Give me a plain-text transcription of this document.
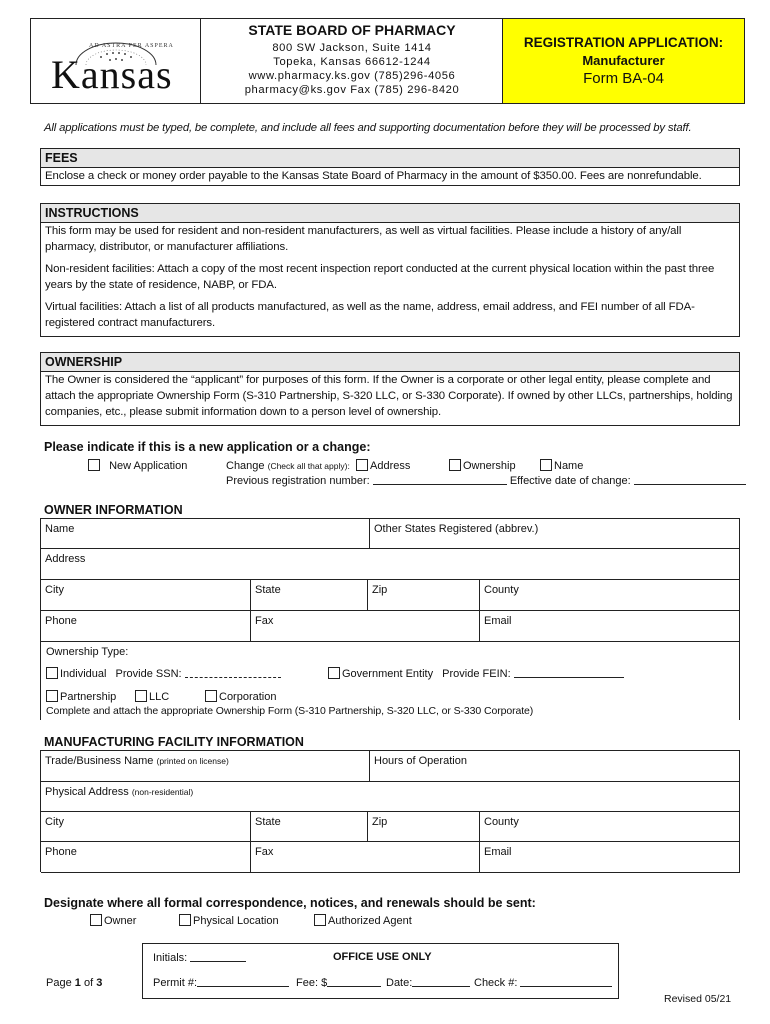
AD ASTRA PER ASPERA
Kansas
STATE BOARD OF PHARMACY
800 SW Jackson, Suite 1414
Topeka, Kansas 66612-1244
www.pharmacy.ks.gov (785)296-4056
pharmacy@ks.gov Fax (785) 296-8420
REGISTRATION APPLICATION:
Manufacturer
Form BA-04
All applications must be typed, be complete, and include all fees and supporting documentation before they will be processed by staff.
FEES
Enclose a check or money order payable to the Kansas State Board of Pharmacy in the amount of $350.00. Fees are nonrefundable.
INSTRUCTIONS
This form may be used for resident and non-resident manufacturers, as well as virtual facilities. Please include a history of any/all pharmacy, distributor, or manufacturer affiliations.
Non-resident facilities: Attach a copy of the most recent inspection report conducted at the current physical location within the past three years by the state of residence, NABP, or FDA.
Virtual facilities: Attach a list of all products manufactured, as well as the name, address, email address, and FEI number of all FDA-registered contract manufacturers.
OWNERSHIP
The Owner is considered the “applicant” for purposes of this form. If the Owner is a corporate or other legal entity, please complete and attach the appropriate Ownership Form (S-310 Partnership, S-320 LLC, or S-330 Corporate). If owned by other LLCs, partnerships, holding companies, etc., please submit information down to a person level of ownership.
Please indicate if this is a new application or a change:
New Application	Change (Check all that apply):	Address	Ownership	Name
Previous registration number:	Effective date of change:
OWNER INFORMATION
Name	Other States Registered (abbrev.)
Address
City	State	Zip	County
Phone	Fax	Email
Ownership Type:
Individual Provide SSN:	Government Entity Provide FEIN:
Partnership	LLC	Corporation
Complete and attach the appropriate Ownership Form (S-310 Partnership, S-320 LLC, or S-330 Corporate)
MANUFACTURING FACILITY INFORMATION
Trade/Business Name (printed on license)	Hours of Operation
Physical Address (non-residential)
City	State	Zip	County
Phone	Fax	Email
Designate where all formal correspondence, notices, and renewals should be sent:
Owner	Physical Location	Authorized Agent
Initials:	OFFICE USE ONLY
Permit #:	Fee: $	Date:	Check #:
Page 1 of 3
Revised 05/21
